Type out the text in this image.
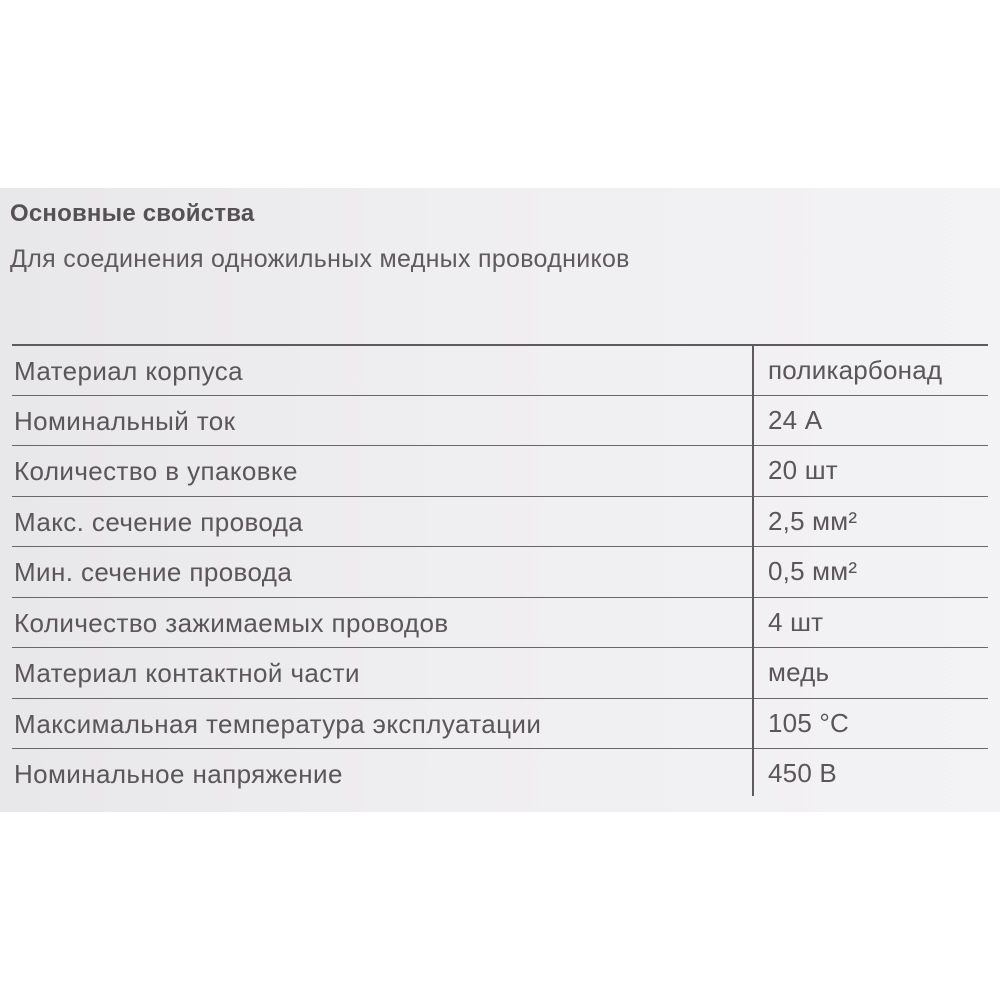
Основные свойства
Для соединения одножильных медных проводников
Материал корпуса	поликарбонад
Номинальный ток	24 А
Количество в упаковке	20 шт
Макс. сечение провода	2,5 мм²
Мин. сечение провода	0,5 мм²
Количество зажимаемых проводов	4 шт
Материал контактной части	медь
Максимальная температура эксплуатации	105 °C
Номинальное напряжение	450 В
